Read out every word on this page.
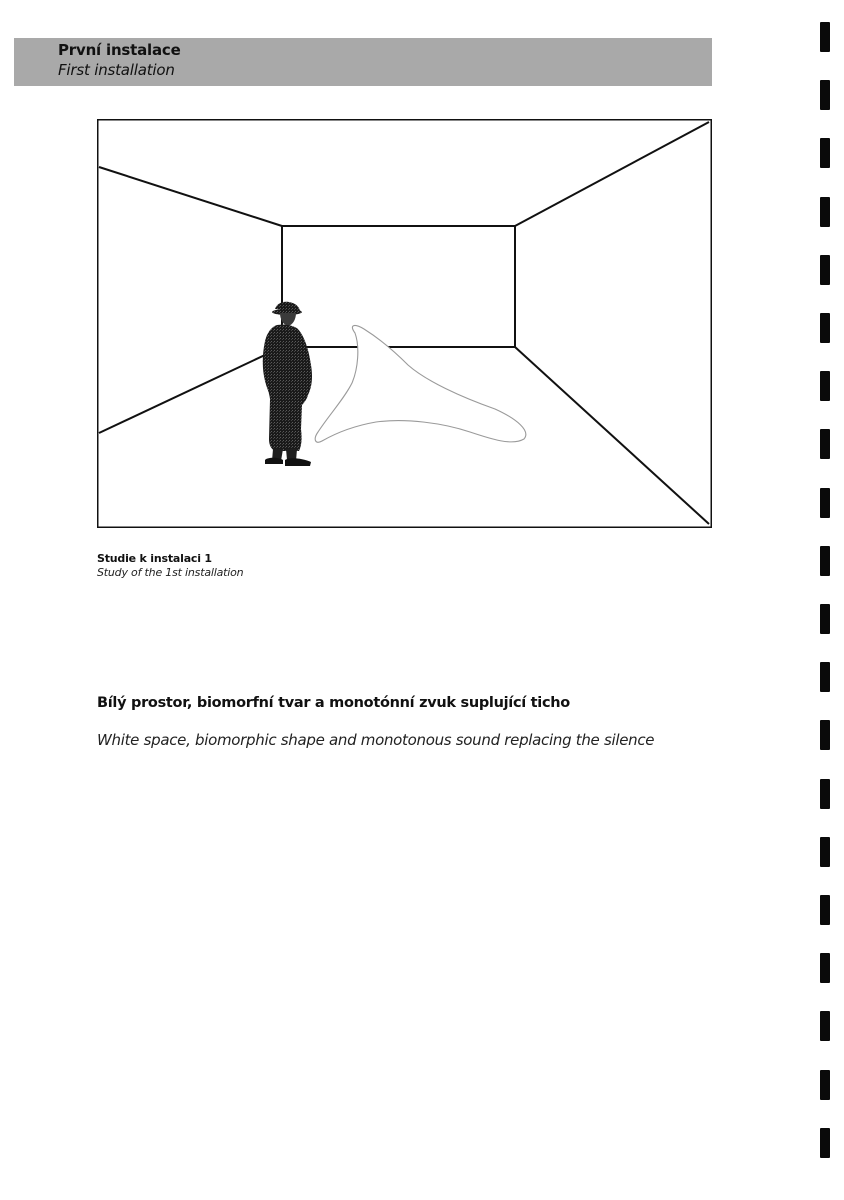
První instalace
First installation
Studie k instalaci 1
Study of the 1st installation
Bílý prostor, biomorfní tvar a monotónní zvuk suplující ticho
White space, biomorphic shape and monotonous sound replacing the silence
